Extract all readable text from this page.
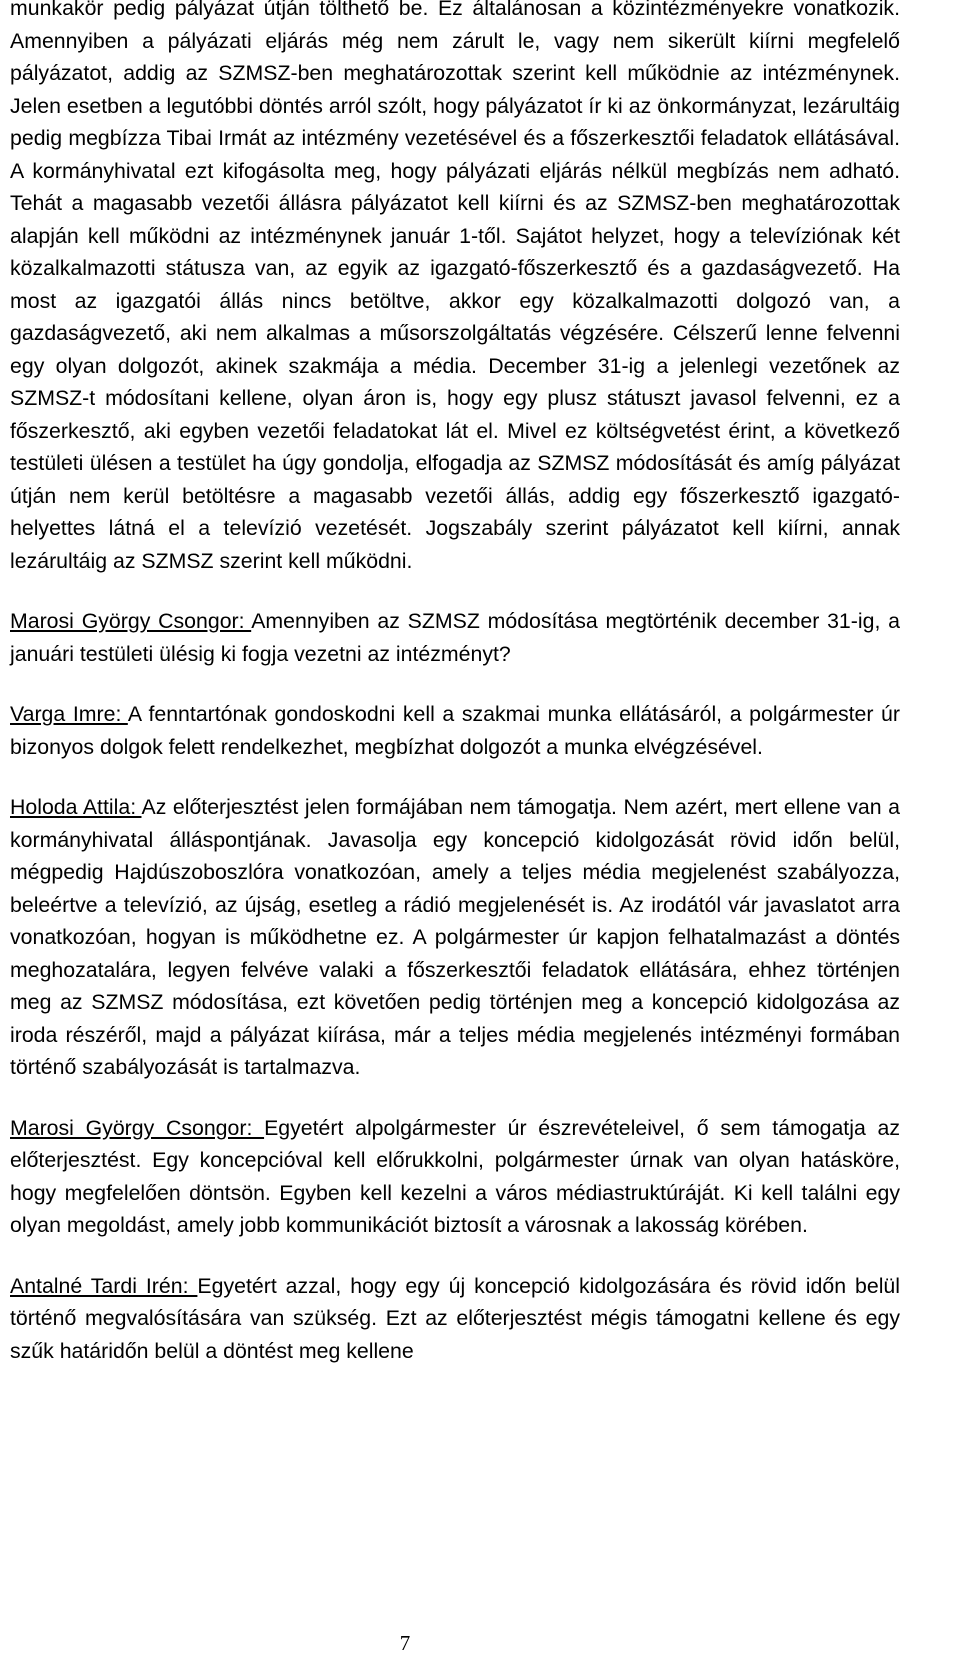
munkakör pedig pályázat útján tölthető be. Ez általánosan a közintézményekre vonatkozik. Amennyiben a pályázati eljárás még nem zárult le, vagy nem sikerült kiírni megfelelő pályázatot, addig az SZMSZ-ben meghatározottak szerint kell működnie az intézménynek. Jelen esetben a legutóbbi döntés arról szólt, hogy pályázatot ír ki az önkormányzat, lezárultáig pedig megbízza Tibai Irmát az intézmény vezetésével és a főszerkesztői feladatok ellátásával. A kormányhivatal ezt kifogásolta meg, hogy pályázati eljárás nélkül megbízás nem adható. Tehát a magasabb vezetői állásra pályázatot kell kiírni és az SZMSZ-ben meghatározottak alapján kell működni az intézménynek január 1-től. Sajátot helyzet, hogy a televíziónak két közalkalmazotti státusza van, az egyik az igazgató-főszerkesztő és a gazdaságvezető. Ha most az igazgatói állás nincs betöltve, akkor egy közalkalmazotti dolgozó van, a gazdaságvezető, aki nem alkalmas a műsorszolgáltatás végzésére. Célszerű lenne felvenni egy olyan dolgozót, akinek szakmája a média. December 31-ig a jelenlegi vezetőnek az SZMSZ-t módosítani kellene, olyan áron is, hogy egy plusz státuszt javasol felvenni, ez a főszerkesztő, aki egyben vezetői feladatokat lát el. Mivel ez költségvetést érint, a következő testületi ülésen a testület ha úgy gondolja, elfogadja az SZMSZ módosítását és amíg pályázat útján nem kerül betöltésre a magasabb vezetői állás, addig egy főszerkesztő igazgató-helyettes látná el a televízió vezetését. Jogszabály szerint pályázatot kell kiírni, annak lezárultáig az SZMSZ szerint kell működni.

Marosi György Csongor: Amennyiben az SZMSZ módosítása megtörténik december 31-ig, a januári testületi ülésig ki fogja vezetni az intézményt?

Varga Imre: A fenntartónak gondoskodni kell a szakmai munka ellátásáról, a polgármester úr bizonyos dolgok felett rendelkezhet, megbízhat dolgozót a munka elvégzésével.

Holoda Attila: Az előterjesztést jelen formájában nem támogatja. Nem azért, mert ellene van a kormányhivatal álláspontjának. Javasolja egy koncepció kidolgozását rövid időn belül, mégpedig Hajdúszoboszlóra vonatkozóan, amely a teljes média megjelenést szabályozza, beleértve a televízió, az újság, esetleg a rádió megjelenését is. Az irodától vár javaslatot arra vonatkozóan, hogyan is működhetne ez. A polgármester úr kapjon felhatalmazást a döntés meghozatalára, legyen felvéve valaki a főszerkesztői feladatok ellátására, ehhez történjen meg az SZMSZ módosítása, ezt követően pedig történjen meg a koncepció kidolgozása az iroda részéről, majd a pályázat kiírása, már a teljes média megjelenés intézményi formában történő szabályozását is tartalmazva.

Marosi György Csongor: Egyetért alpolgármester úr észrevételeivel, ő sem támogatja az előterjesztést. Egy koncepcióval kell előrukkolni, polgármester úrnak van olyan hatásköre, hogy megfelelően döntsön. Egyben kell kezelni a város médiastruktúráját. Ki kell találni egy olyan megoldást, amely jobb kommunikációt biztosít a városnak a lakosság körében.

Antalné Tardi Irén: Egyetért azzal, hogy egy új koncepció kidolgozására és rövid időn belül történő megvalósítására van szükség. Ezt az előterjesztést mégis támogatni kellene és egy szűk határidőn belül a döntést meg kellene

7
